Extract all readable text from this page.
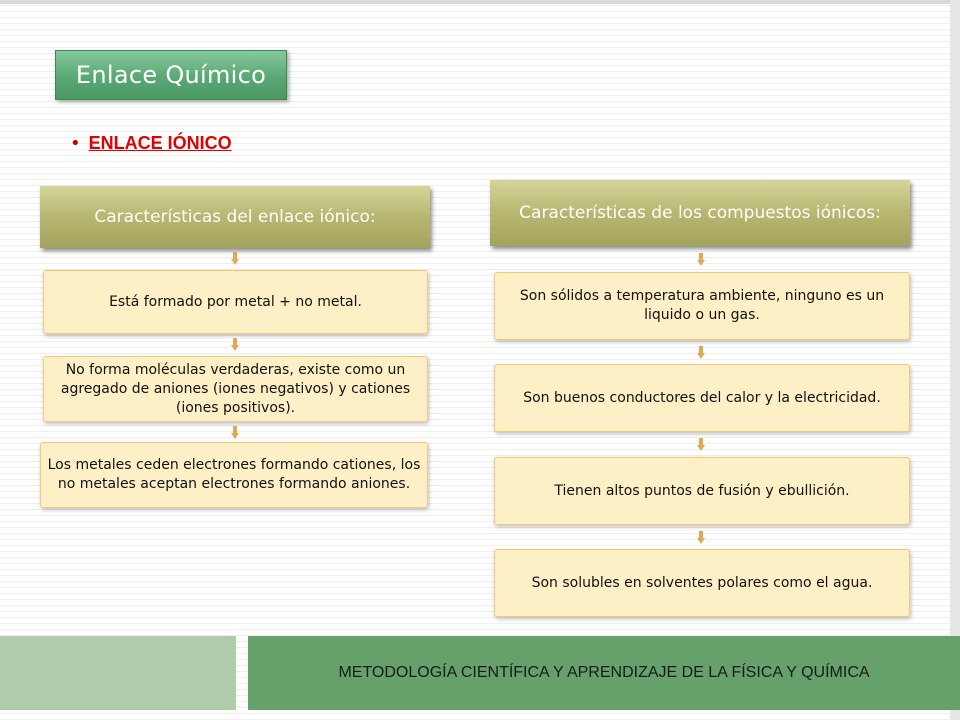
Enlace Químico
• ENLACE IÓNICO
Características del enlace iónico:
Está formado por metal + no metal.
No forma moléculas verdaderas, existe como un agregado de aniones (iones negativos) y cationes (iones positivos).
Los metales ceden electrones formando cationes, los no metales aceptan electrones formando aniones.
Características de los compuestos iónicos:
Son sólidos a temperatura ambiente, ninguno es un liquido o un gas.
Son buenos conductores del calor y la electricidad.
Tienen altos puntos de fusión y ebullición.
Son solubles en solventes polares como el agua.
METODOLOGÍA CIENTÍFICA Y APRENDIZAJE DE LA FÍSICA Y QUÍMICA
